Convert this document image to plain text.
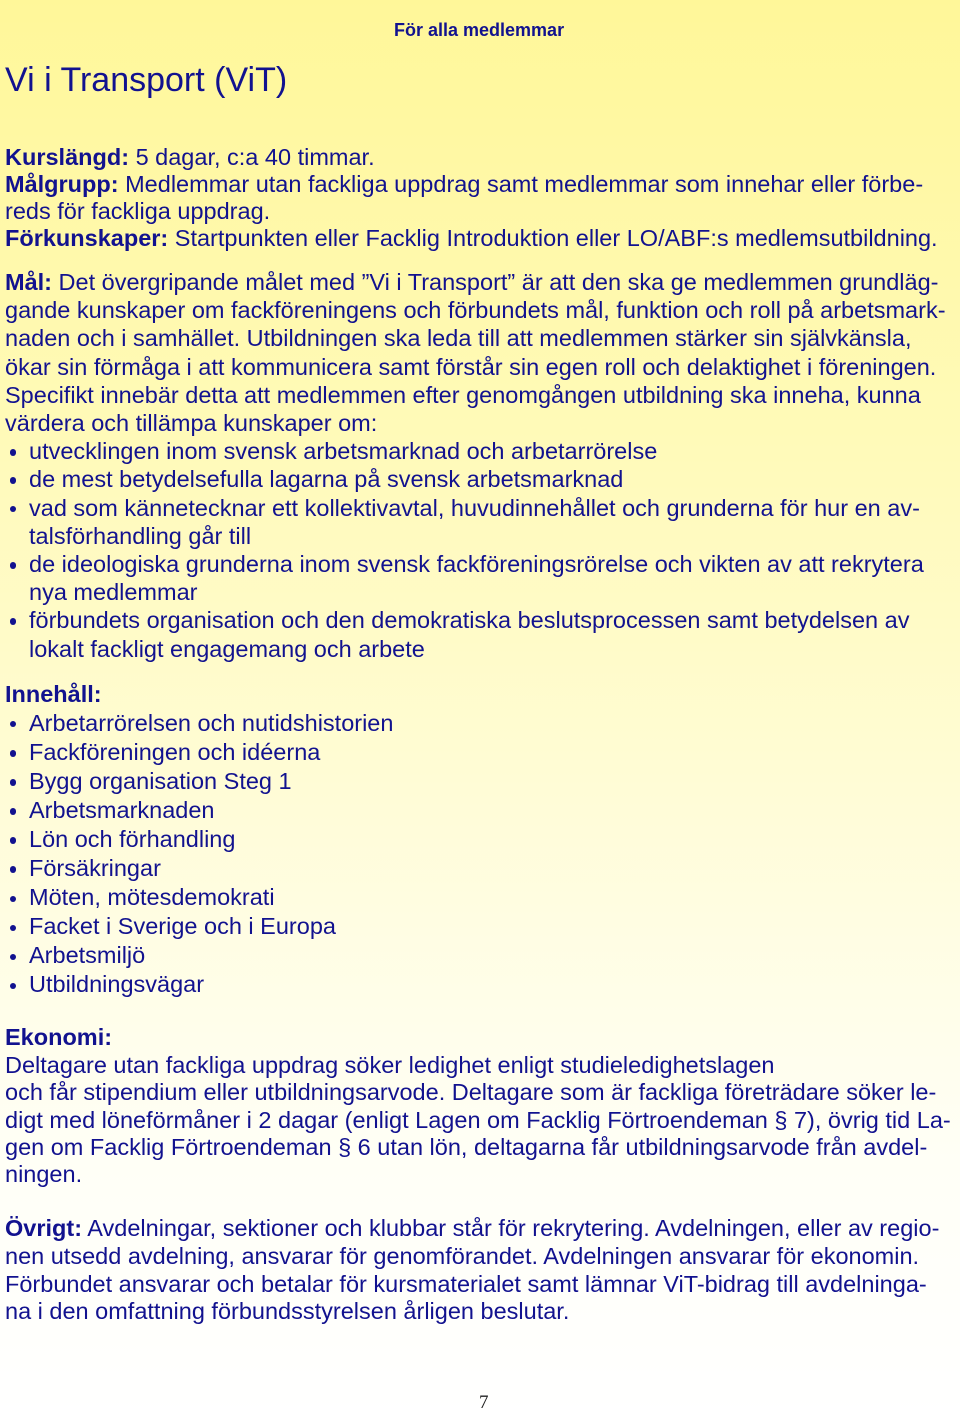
För alla medlemmar
Vi i Transport (ViT)
Kurslängd: 5 dagar, c:a 40 timmar.
Målgrupp: Medlemmar utan fackliga uppdrag samt medlemmar som innehar eller förbe-
reds för fackliga uppdrag.
Förkunskaper: Startpunkten eller Facklig Introduktion eller LO/ABF:s medlemsutbildning.
Mål: Det övergripande målet med ”Vi i Transport” är att den ska ge medlemmen grundläg-
gande kunskaper om fackföreningens och förbundets mål, funktion och roll på arbetsmark-
naden och i samhället. Utbildningen ska leda till att medlemmen stärker sin självkänsla,
ökar sin förmåga i att kommunicera samt förstår sin egen roll och delaktighet i föreningen.
Specifikt innebär detta att medlemmen efter genomgången utbildning ska inneha, kunna
värdera och tillämpa kunskaper om:
utvecklingen inom svensk arbetsmarknad och arbetarrörelse
de mest betydelsefulla lagarna på svensk arbetsmarknad
vad som kännetecknar ett kollektivavtal, huvudinnehållet och grunderna för hur en av-
talsförhandling går till
de ideologiska grunderna inom svensk fackföreningsrörelse och vikten av att rekrytera
nya medlemmar
förbundets organisation och den demokratiska beslutsprocessen samt betydelsen av
lokalt fackligt engagemang och arbete
Innehåll:
Arbetarrörelsen och nutidshistorien
Fackföreningen och idéerna
Bygg organisation Steg 1
Arbetsmarknaden
Lön och förhandling
Försäkringar
Möten, mötesdemokrati
Facket i Sverige och i Europa
Arbetsmiljö
Utbildningsvägar
Ekonomi:
Deltagare utan fackliga uppdrag söker ledighet enligt studieledighetslagen
och får stipendium eller utbildningsarvode. Deltagare som är fackliga företrädare söker le-
digt med löneförmåner i 2 dagar (enligt Lagen om Facklig Förtroendeman § 7), övrig tid La-
gen om Facklig Förtroendeman § 6 utan lön, deltagarna får utbildningsarvode från avdel-
ningen.
Övrigt: Avdelningar, sektioner och klubbar står för rekrytering. Avdelningen, eller av regio-
nen utsedd avdelning, ansvarar för genomförandet. Avdelningen ansvarar för ekonomin.
Förbundet ansvarar och betalar för kursmaterialet samt lämnar ViT-bidrag till avdelninga-
na i den omfattning förbundsstyrelsen årligen beslutar.
7
